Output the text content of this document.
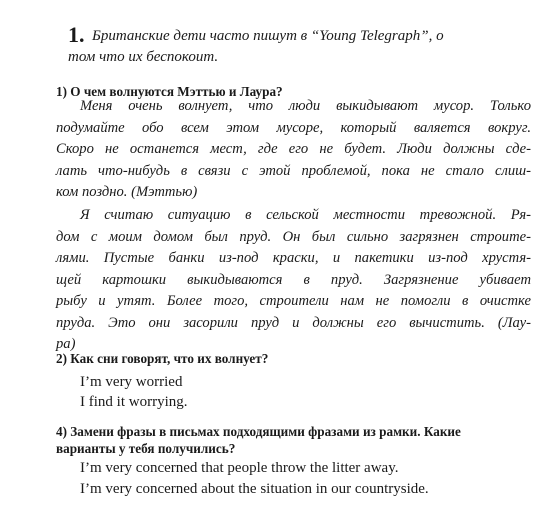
1. Британские дети часто пишут в “Young Telegraph”, о
том что их беспокоит.

1) О чем волнуются Мэттью и Лаура?

Меня очень волнует, что люди выкидывают мусор. Только
подумайте обо всем этом мусоре, который валяется вокруг.
Скоро не останется мест, где его не будет. Люди должны сде-
лать что-нибудь в связи с этой проблемой, пока не стало слиш-
ком поздно. (Мэттью)

Я считаю ситуацию в сельской местности тревожной. Ря-
дом с моим домом был пруд. Он был сильно загрязнен строите-
лями. Пустые банки из-под краски, и пакетики из-под хрустя-
щей картошки выкидываются в пруд. Загрязнение убивает
рыбу и утят. Более того, строители нам не помогли в очистке
пруда. Это они засорили пруд и должны его вычистить. (Лау-
ра)

2) Как сни говорят, что их волнует?

I’m very worried

I find it worrying.

4) Замени фразы в письмах подходящими фразами из рамки. Какие
варианты у тебя получились?

I’m very concerned that people throw the litter away.

I’m very concerned about the situation in our countryside.
